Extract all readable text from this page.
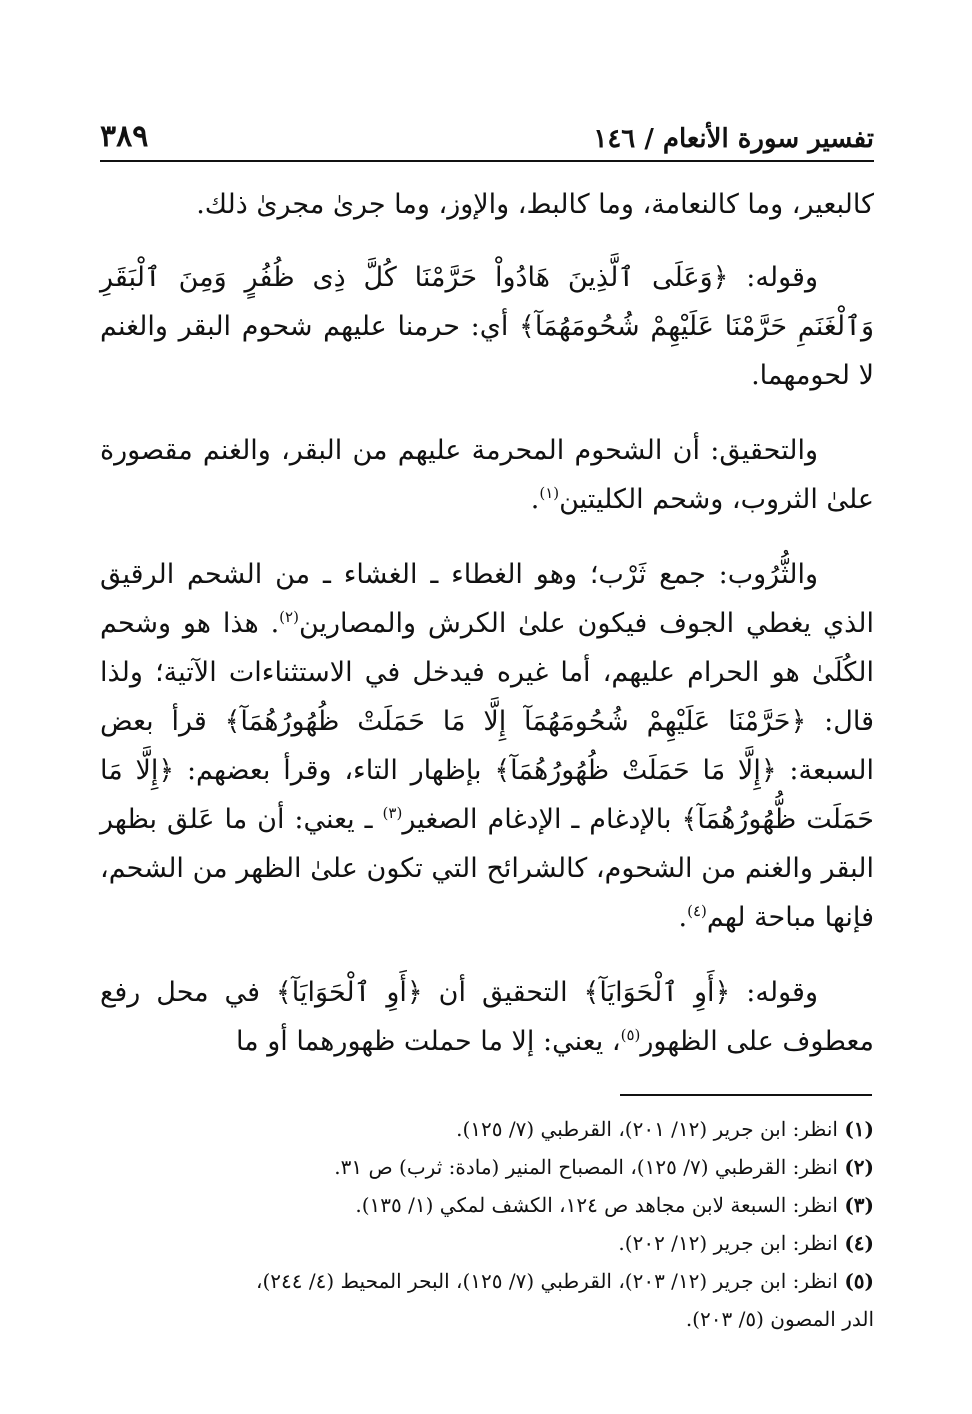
تفسير سورة الأنعام / ١٤٦
٣٨٩

كالبعير، وما كالنعامة، وما كالبط، والإوز، وما جرىٰ مجرىٰ ذلك.

وقوله: ﴿وَعَلَى ٱلَّذِينَ هَادُواْ حَرَّمْنَا كُلَّ ذِى ظُفُرٍ وَمِنَ ٱلْبَقَرِ وَٱلْغَنَمِ حَرَّمْنَا عَلَيْهِمْ شُحُومَهُمَآ﴾ أي: حرمنا عليهم شحوم البقر والغنم لا لحومهما.

والتحقيق: أن الشحوم المحرمة عليهم من البقر، والغنم مقصورة علىٰ الثروب، وشحم الكليتين$^{(١)}$.

والثُّرُوب: جمع ثَرْب؛ وهو الغطاء ـ الغشاء ـ من الشحم الرقيق الذي يغطي الجوف فيكون علىٰ الكرش والمصارين$^{(٢)}$. هذا هو وشحم الكُلَىٰ هو الحرام عليهم، أما غيره فيدخل في الاستثناءات الآتية؛ ولذا قال: ﴿حَرَّمْنَا عَلَيْهِمْ شُحُومَهُمَآ إِلَّا مَا حَمَلَتْ ظُهُورُهُمَآ﴾ قرأ بعض السبعة: ﴿إِلَّا مَا حَمَلَتْ ظُهُورُهُمَآ﴾ بإظهار التاء، وقرأ بعضهم: ﴿إِلَّا مَا حَمَلَت ظُّهُورُهُمَآ﴾ بالإدغام ـ الإدغام الصغير$^{(٣)}$ ـ يعني: أن ما عَلق بظهر البقر والغنم من الشحوم، كالشرائح التي تكون علىٰ الظهر من الشحم، فإنها مباحة لهم$^{(٤)}$.

وقوله: ﴿أَوِ ٱلْحَوَايَآ﴾ التحقيق أن ﴿أَوِ ٱلْحَوَايَآ﴾ في محل رفع معطوف على الظهور$^{(٥)}$، يعني: إلا ما حملت ظهورهما أو ما

(١) انظر: ابن جرير (١٢/ ٢٠١)، القرطبي (٧/ ١٢٥).

(٢) انظر: القرطبي (٧/ ١٢٥)، المصباح المنير (مادة: ثرب) ص ٣١.

(٣) انظر: السبعة لابن مجاهد ص ١٢٤، الكشف لمكي (١/ ١٣٥).

(٤) انظر: ابن جرير (١٢/ ٢٠٢).

(٥) انظر: ابن جرير (١٢/ ٢٠٣)، القرطبي (٧/ ١٢٥)، البحر المحيط (٤/ ٢٤٤)،

الدر المصون (٥/ ٢٠٣).
